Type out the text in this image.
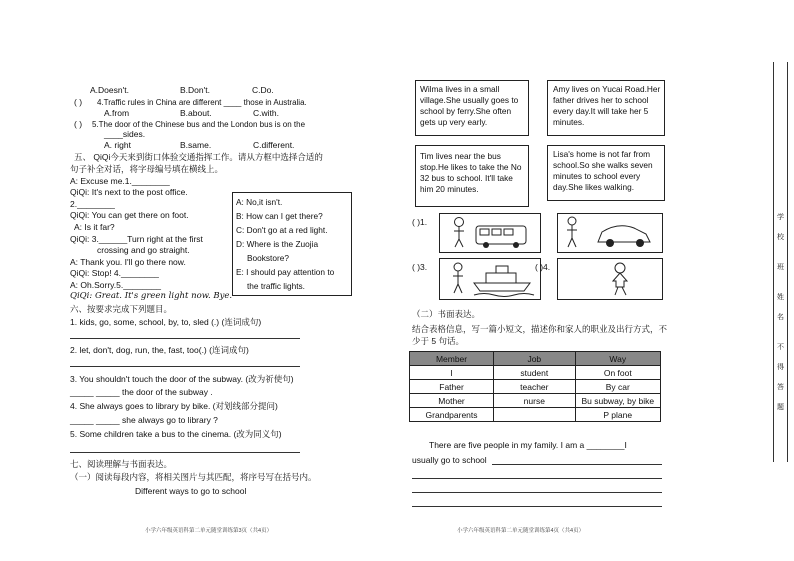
A.Doesn't.	B.Don't.	C.Do.
( ) 4.Traffic rules in China are different ____ those in Australia.
A.from	B.about.	C.with.
( ) 5.The door of the Chinese bus and the London bus is on the
____sides.
A. right	B.same.	C.different.
五、 QiQi今天来到街口体验交通指挥工作。请从方框中选择合适的
句子补全对话，将字母编号填在横线上。
A: Excuse me.1.________
QiQi: It's next to the post office.
2.________
QiQi: You can get there on foot.
A: Is it far?
QiQi: 3.______Turn right at the first
crossing and go straight.
A: Thank you. I'll go there now.
QiQi: Stop! 4.________
A: Oh.Sorry.5.________
QiQi: Great. It's green light now. Bye.
A: No,it isn't.
B: How can I get there?
C: Don't go at a red light.
D: Where is the Zuojia
Bookstore?
E: I should pay attention to
the traffic lights.
六、按要求完成下列题目。
1. kids, go, some, school, by, to, sled (.) (连词成句)
2. let, don't, dog, run, the, fast, too(.) (连词成句)
3. You shouldn't touch the door of the subway. (改为祈使句)
_____ _____ the door of the subway .
4. She always goes to library by bike. (对划线部分提问)
_____ _____ she always go to library ?
5. Some children take a bus to the cinema. (改为同义句)
七、阅读理解与书面表达。
（一）阅读每段内容，将相关图片与其匹配，将序号写在括号内。
Different ways to go to school
小学六年级英语科第二单元随堂训练第3页（共4页）
Wilma lives in a small village.She usually goes to school by ferry.She often gets up very early.
Amy lives on Yucai Road.Her father drives her to school every day.It will take her 5 minutes.
Tim lives near the bus stop.He likes to take the No 32 bus to school. It'll take him 20 minutes.
Lisa's home is not far from school.So she walks seven minutes to school every day.She likes walking.
( )1.
( )3.	( )4.
（二）书面表达。
结合表格信息，写一篇小短文，描述你和家人的职业及出行方式，不
少于 5 句话。
Member	Job	Way
I	student	On foot
Father	teacher	By car
Mother	nurse	Bu subway, by bike
Grandparents		P plane
There are five people in my family. I am a ________I
usually go to school
小学六年级英语科第二单元随堂训练第4页（共4页）
学
校
班
姓
名
不
得
答
题
